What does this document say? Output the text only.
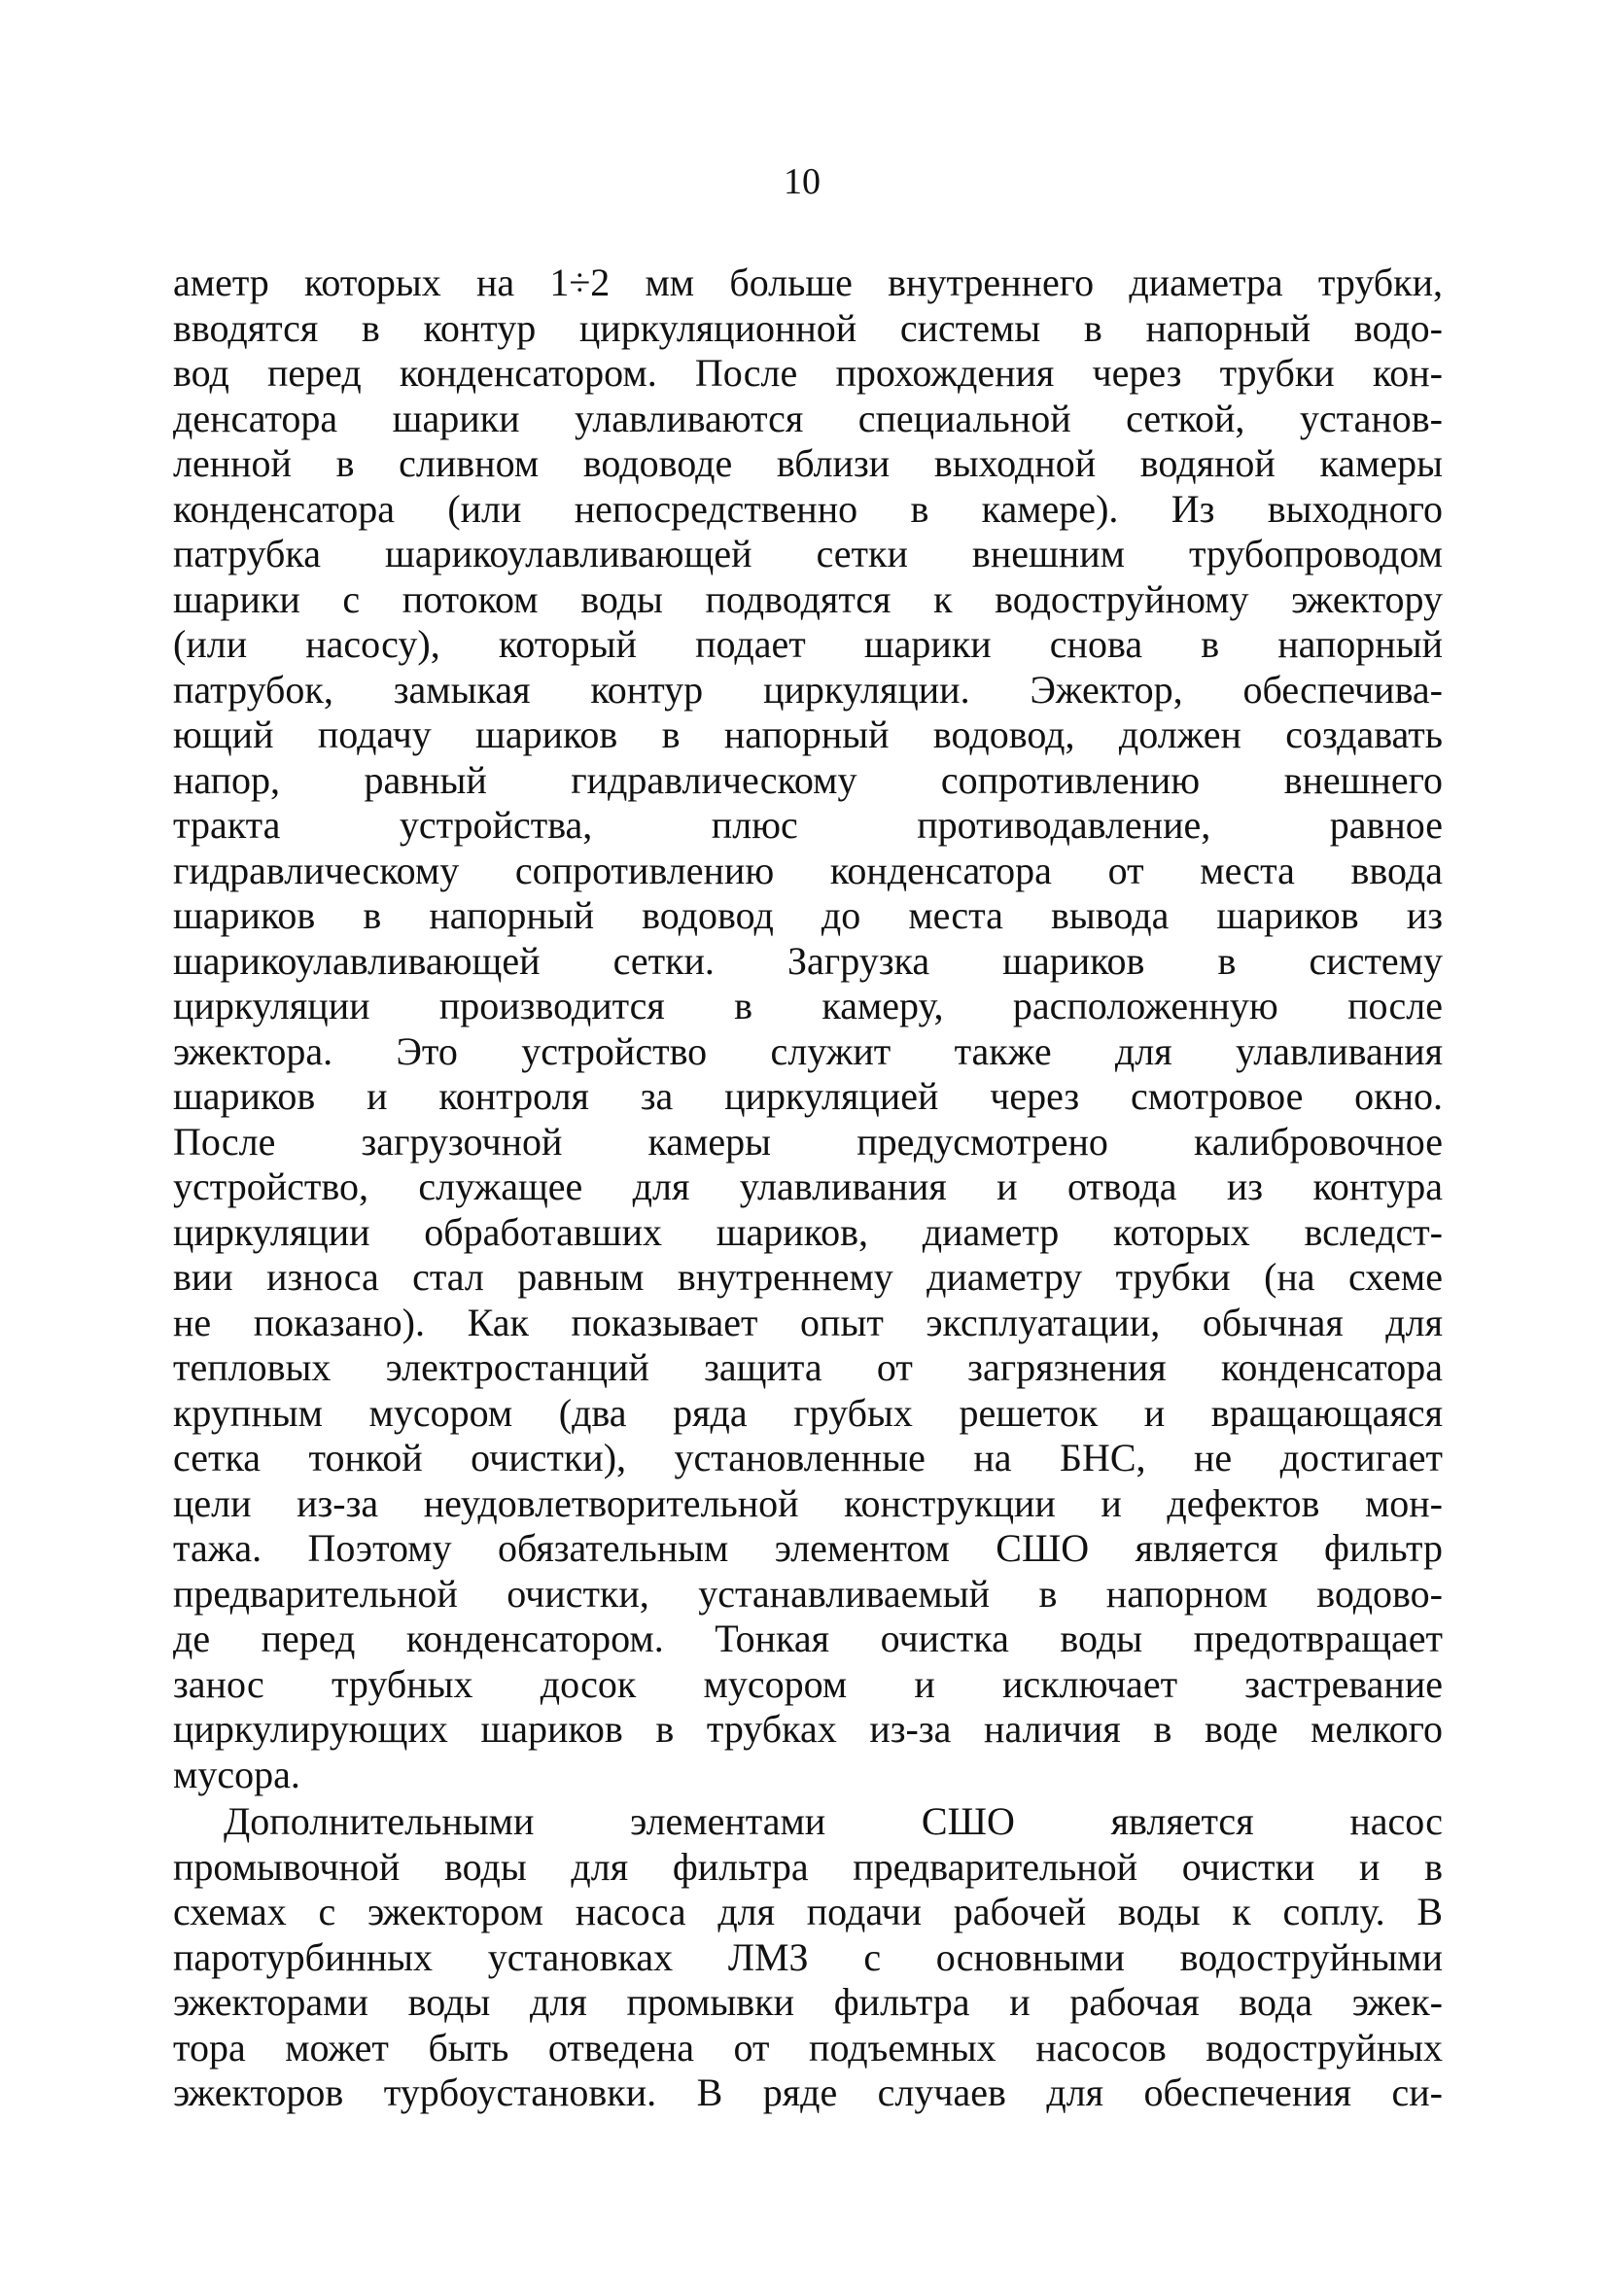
10
аметр которых на 1÷2 мм больше внутреннего диаметра трубки,
вводятся в контур циркуляционной системы в напорный водо-
вод перед конденсатором. После прохождения через трубки кон-
денсатора шарики улавливаются специальной сеткой, установ-
ленной в сливном водоводе вблизи выходной водяной камеры
конденсатора (или непосредственно в камере). Из выходного
патрубка шарикоулавливающей сетки внешним трубопроводом
шарики с потоком воды подводятся к водоструйному эжектору
(или насосу), который подает шарики снова в напорный
патрубок, замыкая контур циркуляции. Эжектор, обеспечива-
ющий подачу шариков в напорный водовод, должен создавать
напор, равный гидравлическому сопротивлению внешнего
тракта устройства, плюс противодавление, равное
гидравлическому сопротивлению конденсатора от места ввода
шариков в напорный водовод до места вывода шариков из
шарикоулавливающей сетки. Загрузка шариков в систему
циркуляции производится в камеру, расположенную после
эжектора. Это устройство служит также для улавливания
шариков и контроля за циркуляцией через смотровое окно.
После загрузочной камеры предусмотрено калибровочное
устройство, служащее для улавливания и отвода из контура
циркуляции обработавших шариков, диаметр которых вследст-
вии износа стал равным внутреннему диаметру трубки (на схеме
не показано). Как показывает опыт эксплуатации, обычная для
тепловых электростанций защита от загрязнения конденсатора
крупным мусором (два ряда грубых решеток и вращающаяся
сетка тонкой очистки), установленные на БНС, не достигает
цели из-за неудовлетворительной конструкции и дефектов мон-
тажа. Поэтому обязательным элементом СШО является фильтр
предварительной очистки, устанавливаемый в напорном водово-
де перед конденсатором. Тонкая очистка воды предотвращает
занос трубных досок мусором и исключает застревание
циркулирующих шариков в трубках из-за наличия в воде мелкого
мусора.
Дополнительными элементами СШО является насос
промывочной воды для фильтра предварительной очистки и в
схемах с эжектором насоса для подачи рабочей воды к соплу. В
паротурбинных установках ЛМЗ с основными водоструйными
эжекторами воды для промывки фильтра и рабочая вода эжек-
тора может быть отведена от подъемных насосов водоструйных
эжекторов турбоустановки. В ряде случаев для обеспечения си-
